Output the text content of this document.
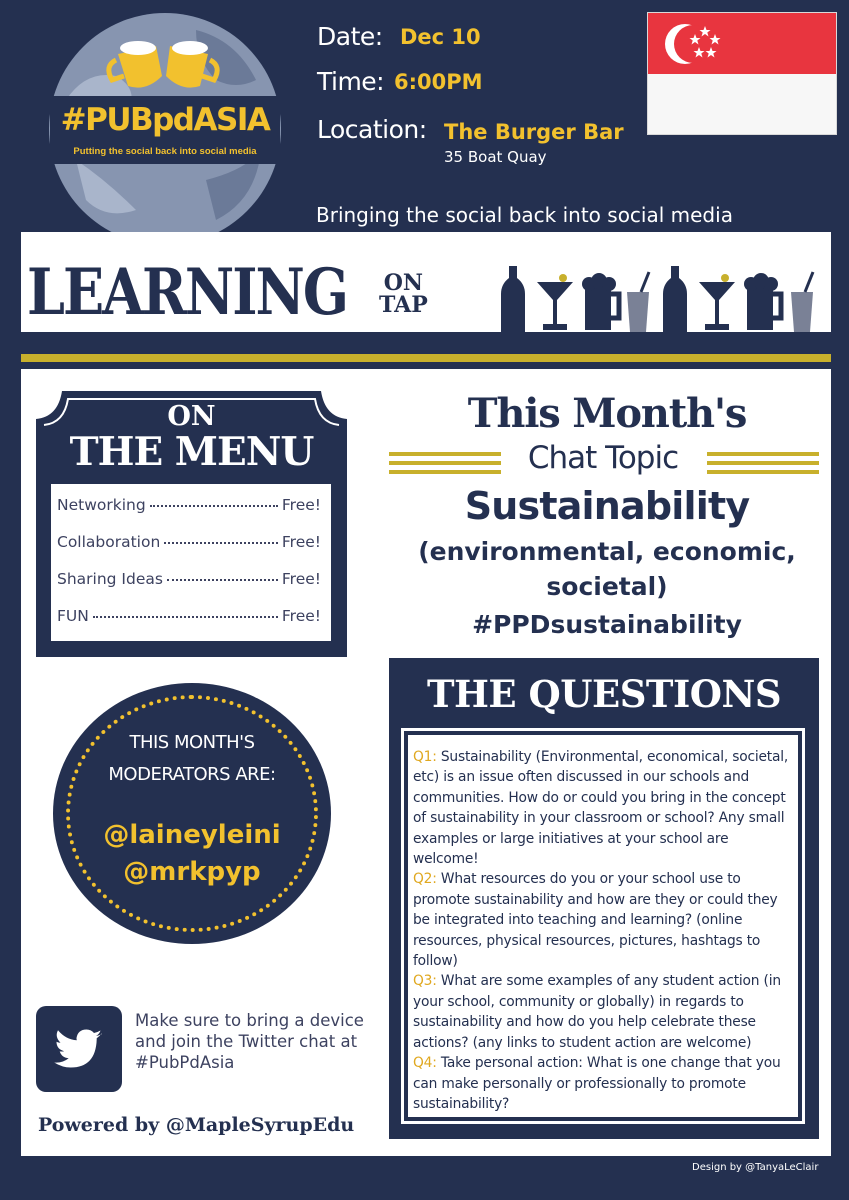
#PUBpdASIA
Putting the social back into social media
Date: Dec 10
Time: 6:00PM
Location: The Burger Bar
35 Boat Quay
Bringing the social back into social media
LEARNING ON
TAP
ON
THE MENU
Networking	Free!
Collaboration	Free!
Sharing Ideas	Free!
FUN	Free!
This Month's
Chat Topic
Sustainability
(environmental, economic,
societal)
#PPDsustainability
THIS MONTH'S
MODERATORS ARE:
@laineyleini
@mrkpyp
Make sure to bring a device and join the Twitter chat at #PubPdAsia
Powered by @MapleSyrupEdu
THE QUESTIONS
Q1: Sustainability (Environmental, economical, societal, etc) is an issue often discussed in our schools and communities. How do or could you bring in the concept of sustainability in your classroom or school? Any small examples or large initiatives at your school are welcome!
Q2: What resources do you or your school use to promote sustainability and how are they or could they be integrated into teaching and learning? (online resources, physical resources, pictures, hashtags to follow)
Q3: What are some examples of any student action (in your school, community or globally) in regards to sustainability and how do you help celebrate these actions? (any links to student action are welcome)
Q4: Take personal action: What is one change that you can make personally or professionally to promote sustainability?
Design by @TanyaLeClair
